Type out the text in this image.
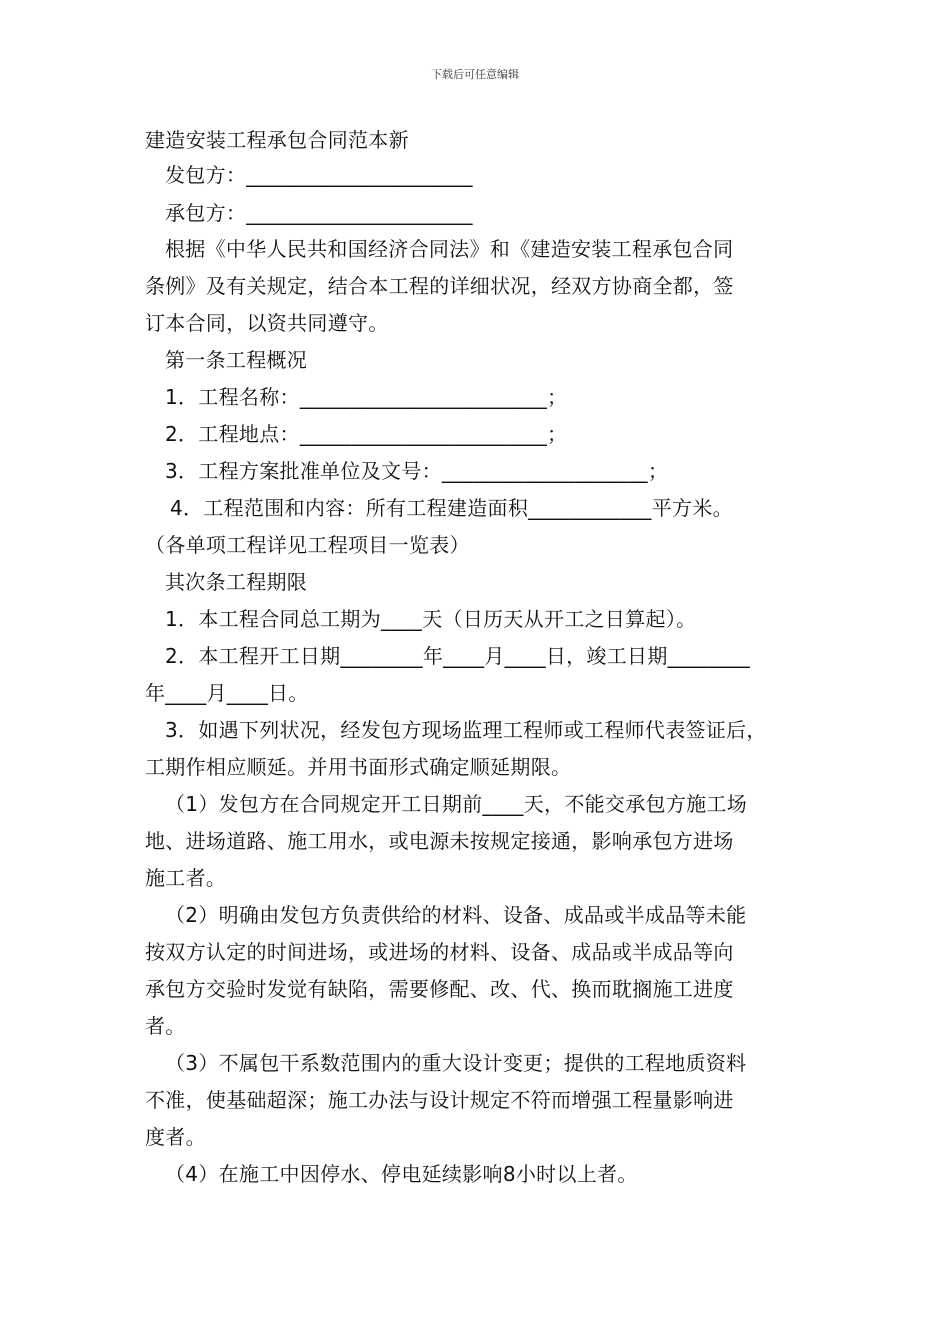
下载后可任意编辑
建造安装工程承包合同范本新
发包方：______________________
承包方：______________________
根据《中华人民共和国经济合同法》和《建造安装工程承包合同
条例》及有关规定，结合本工程的详细状况，经双方协商全都，签
订本合同，以资共同遵守。
第一条工程概况
1．工程名称：________________________；
2．工程地点：________________________；
3．工程方案批准单位及文号：____________________；
4．工程范围和内容：所有工程建造面积____________平方米。
（各单项工程详见工程项目一览表）
其次条工程期限
1．本工程合同总工期为____天（日历天从开工之日算起）。
2．本工程开工日期________年____月____日，竣工日期________
年____月____日。
3．如遇下列状况，经发包方现场监理工程师或工程师代表签证后，
工期作相应顺延。并用书面形式确定顺延期限。
（1）发包方在合同规定开工日期前____天，不能交承包方施工场
地、进场道路、施工用水，或电源未按规定接通，影响承包方进场
施工者。
（2）明确由发包方负责供给的材料、设备、成品或半成品等未能
按双方认定的时间进场，或进场的材料、设备、成品或半成品等向
承包方交验时发觉有缺陷，需要修配、改、代、换而耽搁施工进度
者。
（3）不属包干系数范围内的重大设计变更；提供的工程地质资料
不准，使基础超深；施工办法与设计规定不符而增强工程量影响进
度者。
（4）在施工中因停水、停电延续影响8小时以上者。
